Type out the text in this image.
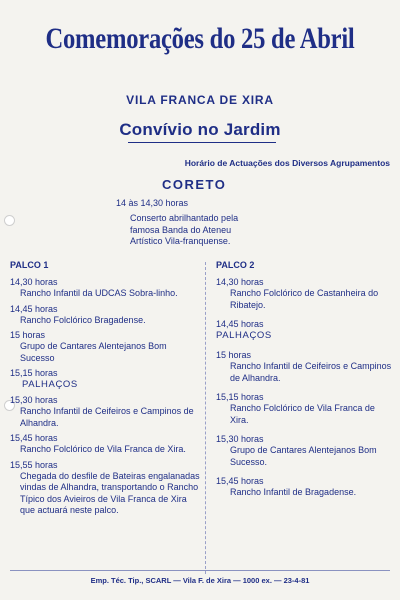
Comemorações do 25 de Abril
VILA FRANCA DE XIRA
Convívio no Jardim
Horário de Actuações dos Diversos Agrupamentos
CORETO
14 às 14,30 horas
Conserto abrilhantado pela famosa Banda do Ateneu Artístico Vila-franquense.
PALCO 1
14,30 horas
Rancho Infantil da UDCAS Sobra-linho.
14,45 horas
Rancho Folclórico Bragadense.
15 horas
Grupo de Cantares Alentejanos Bom Sucesso
15,15 horas
PALHAÇOS
15,30 horas
Rancho Infantil de Ceifeiros e Campinos de Alhandra.
15,45 horas
Rancho Folclórico de Vila Franca de Xira.
15,55 horas
Chegada do desfile de Bateiras engalanadas vindas de Alhandra, transportando o Rancho Típico dos Avieiros de Vila Franca de Xira que actuará neste palco.
PALCO 2
14,30 horas
Rancho Folclórico de Castanheira do Ribatejo.
14,45 horas
PALHAÇOS
15 horas
Rancho Infantil de Ceifeiros e Campinos de Alhandra.
15,15 horas
Rancho Folclórico de Vila Franca de Xira.
15,30 horas
Grupo de Cantares Alentejanos Bom Sucesso.
15,45 horas
Rancho Infantil de Bragadense.
Emp. Téc. Tip., SCARL — Vila F. de Xira — 1000 ex. — 23-4-81
